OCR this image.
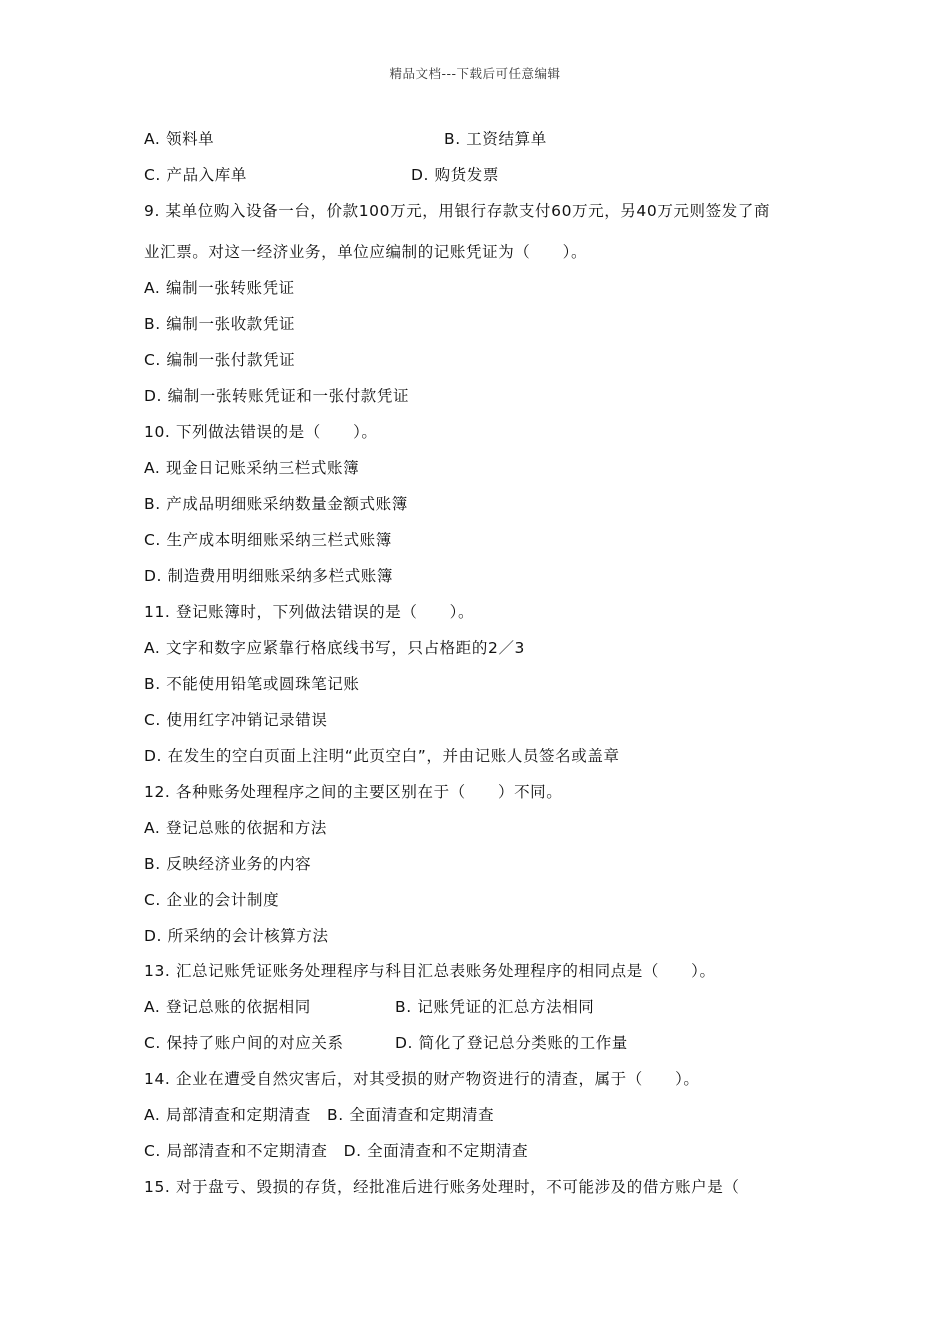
精品文档---下载后可任意编辑
A. 领料单	B. 工资结算单
C. 产品入库单	D. 购货发票
9. 某单位购入设备一台，价款100万元，用银行存款支付60万元，另40万元则签发了商
业汇票。对这一经济业务，单位应编制的记账凭证为（　　）。
A. 编制一张转账凭证
B. 编制一张收款凭证
C. 编制一张付款凭证
D. 编制一张转账凭证和一张付款凭证
10. 下列做法错误的是（　　）。
A. 现金日记账采纳三栏式账簿
B. 产成品明细账采纳数量金额式账簿
C. 生产成本明细账采纳三栏式账簿
D. 制造费用明细账采纳多栏式账簿
11. 登记账簿时，下列做法错误的是（　　）。
A. 文字和数字应紧靠行格底线书写，只占格距的2／3
B. 不能使用铅笔或圆珠笔记账
C. 使用红字冲销记录错误
D. 在发生的空白页面上注明“此页空白”，并由记账人员签名或盖章
12. 各种账务处理程序之间的主要区别在于（　　）不同。
A. 登记总账的依据和方法
B. 反映经济业务的内容
C. 企业的会计制度
D. 所采纳的会计核算方法
13. 汇总记账凭证账务处理程序与科目汇总表账务处理程序的相同点是（　　）。
A. 登记总账的依据相同	B. 记账凭证的汇总方法相同
C. 保持了账户间的对应关系	D. 简化了登记总分类账的工作量
14. 企业在遭受自然灾害后，对其受损的财产物资进行的清查，属于（　　）。
A. 局部清查和定期清查　B. 全面清查和定期清查
C. 局部清查和不定期清查　D. 全面清查和不定期清查
15. 对于盘亏、毁损的存货，经批准后进行账务处理时，不可能涉及的借方账户是（
